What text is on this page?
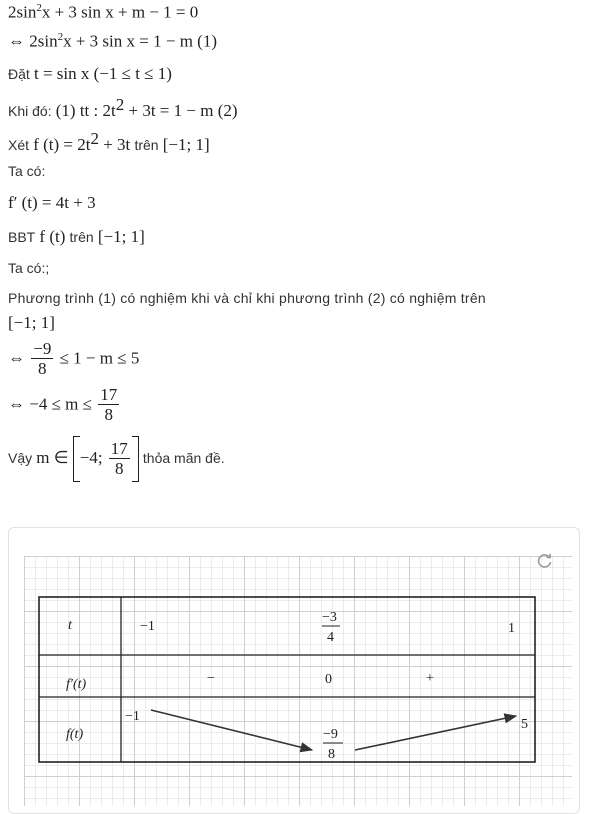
$2\sin^2x + 3$ sin x + m − 1 = 0
⇔ $2\sin^2x + 3$ sin x = 1 − m (1)
Đặt t = sin x (−1 ≤ t ≤ 1)
Khi đó: (1) tt : $2t^2 + 3t = 1 - m$ (2)
Xét f $(t) = 2t^2 + 3t$ trên [−1; 1]
Ta có:
f′ (t) = 4t + 3
BBT f (t) trên [−1; 1]
Ta có:;
Phương trình (1) có nghiệm khi và chỉ khi phương trình (2) có nghiệm trên
[−1; 1]
⇔ $\frac{-9}{8} \le 1 - m \le 5$
⇔ $-4 \le m \le \frac{17}{8}$
Vậy m ∈ −4; $\frac{17}{8}$ thỏa mãn đề.
t
f′(t)
f(t)
−1
−3
4
1
−	0	+
−1
−9
8
5
